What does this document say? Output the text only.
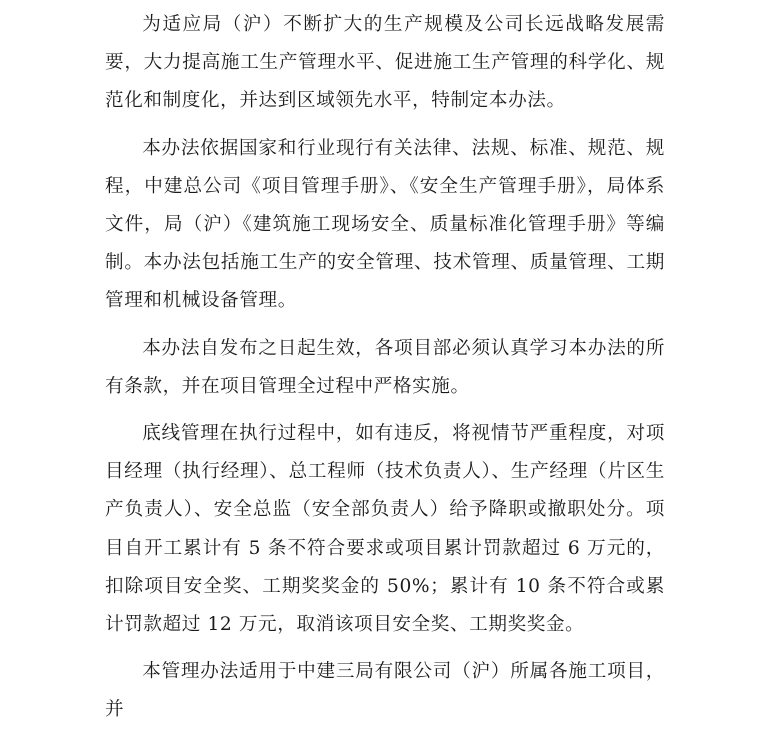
为适应局（沪）不断扩大的生产规模及公司长远战略发展需要，大力提高施工生产管理水平、促进施工生产管理的科学化、规范化和制度化，并达到区域领先水平，特制定本办法。

本办法依据国家和行业现行有关法律、法规、标准、规范、规程，中建总公司《项目管理手册》、《安全生产管理手册》，局体系文件，局（沪）《建筑施工现场安全、质量标准化管理手册》等编制。本办法包括施工生产的安全管理、技术管理、质量管理、工期管理和机械设备管理。

本办法自发布之日起生效，各项目部必须认真学习本办法的所有条款，并在项目管理全过程中严格实施。

底线管理在执行过程中，如有违反，将视情节严重程度，对项目经理（执行经理）、总工程师（技术负责人）、生产经理（片区生产负责人）、安全总监（安全部负责人）给予降职或撤职处分。项目自开工累计有 5 条不符合要求或项目累计罚款超过 6 万元的，扣除项目安全奖、工期奖奖金的 50%；累计有 10 条不符合或累计罚款超过 12 万元，取消该项目安全奖、工期奖奖金。

本管理办法适用于中建三局有限公司（沪）所属各施工项目，并
